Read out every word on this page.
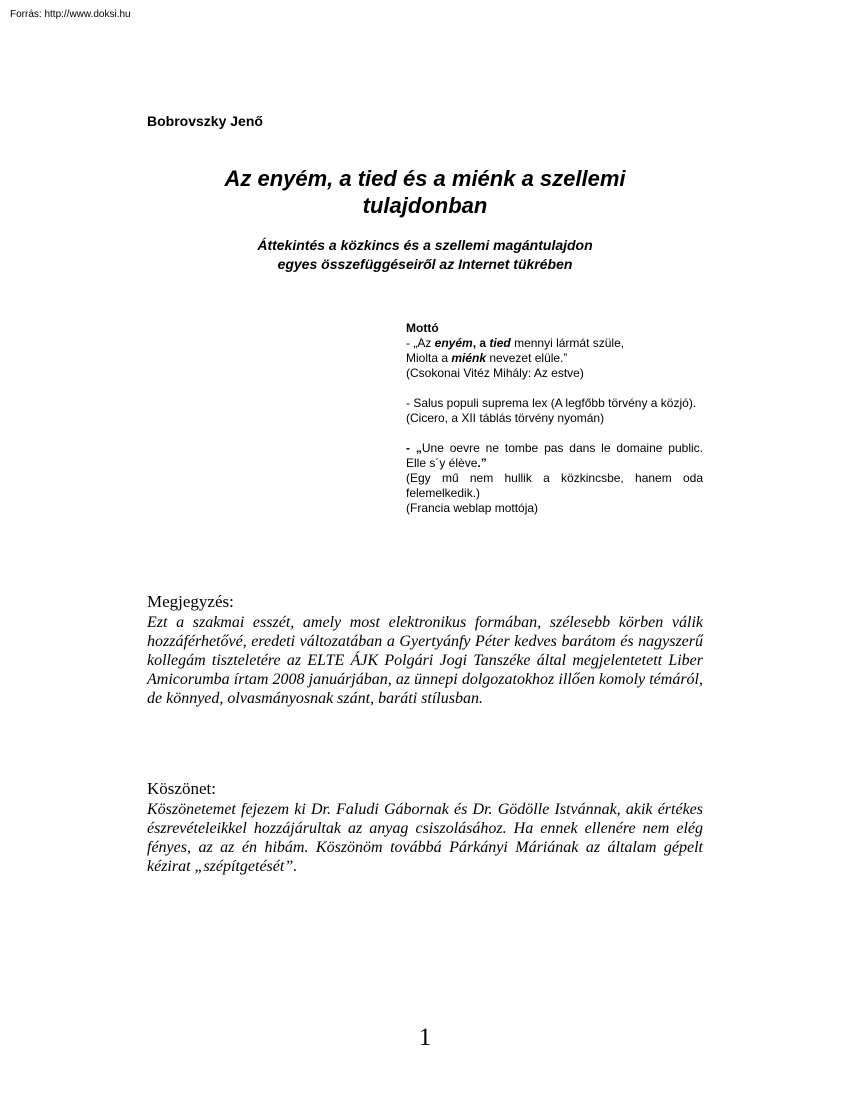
Forrás: http://www.doksi.hu
Bobrovszky Jenő
Az enyém, a tied és a miénk a szellemi
tulajdonban
Áttekintés a közkincs és a szellemi magántulajdon
egyes összefüggéseiről az Internet tükrében

Mottó

- „Az enyém, a tied mennyi lármát szüle,

Miolta a miénk nevezet elüle.”

(Csokonai Vitéz Mihály: Az estve)

- Salus populi suprema lex (A legfőbb törvény a közjó).

(Cicero, a XII táblás törvény nyomán)

- „Une oevre ne tombe pas dans le domaine public. Elle s´y élève.”

(Egy mű nem hullik a közkincsbe, hanem oda felemelkedik.)

(Francia weblap mottója)

Megjegyzés:

Ezt a szakmai esszét, amely most elektronikus formában, szélesebb körben válik hozzáférhetővé, eredeti változatában a Gyertyánfy Péter kedves barátom és nagyszerű kollegám tiszteletére az ELTE ÁJK Polgári Jogi Tanszéke által megjelentetett Liber Amicorumba írtam 2008 januárjában, az ünnepi dolgozatokhoz illően komoly témáról, de könnyed, olvasmányosnak szánt, baráti stílusban.

Köszönet:

Köszönetemet fejezem ki Dr. Faludi Gábornak és Dr. Gödölle Istvánnak, akik értékes észrevételeikkel hozzájárultak az anyag csiszolásához. Ha ennek ellenére nem elég fényes, az az én hibám. Köszönöm továbbá Párkányi Máriának az általam gépelt kézirat „szépítgetését”.

1
